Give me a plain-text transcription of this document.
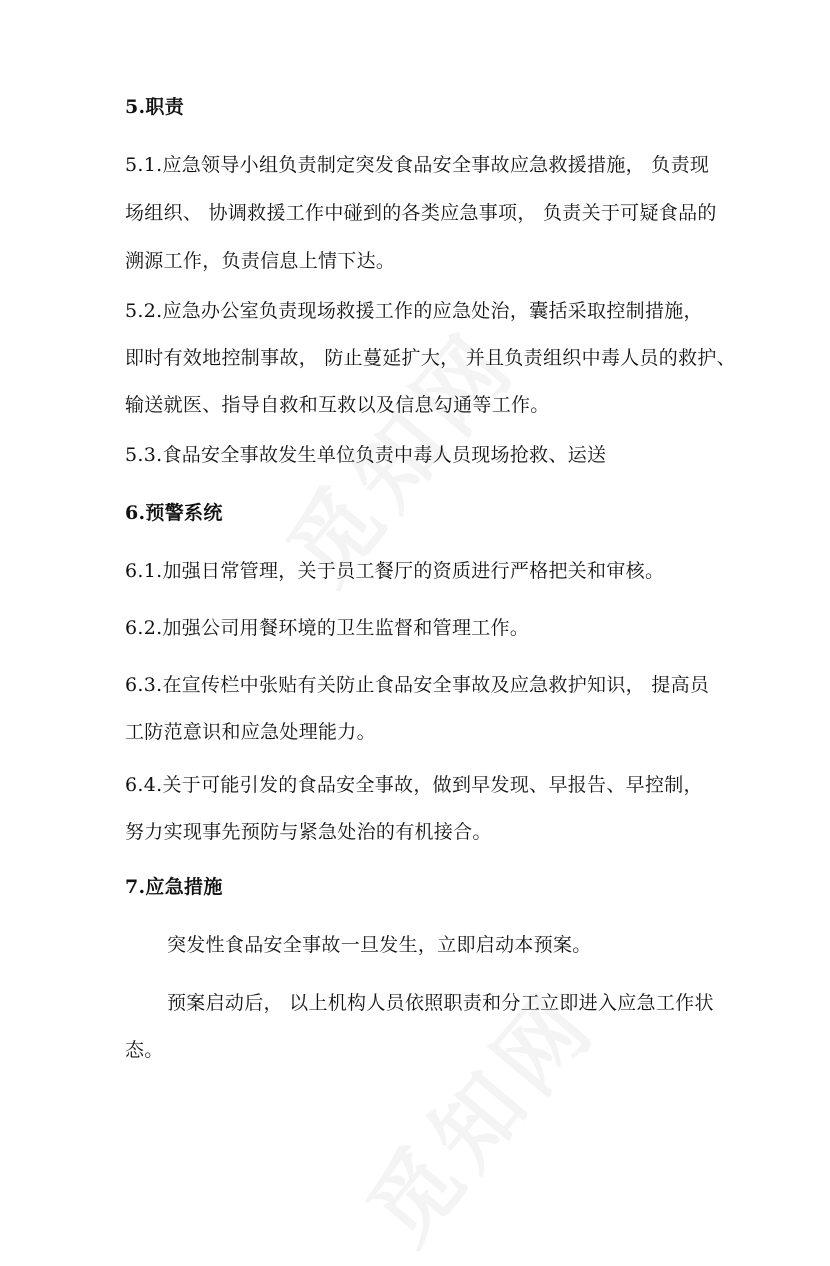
5.职责
5.1.应急领导小组负责制定突发食品安全事故应急救援措施， 负责现
场组织、 协调救援工作中碰到的各类应急事项， 负责关于可疑食品的
溯源工作，负责信息上情下达。
5.2.应急办公室负责现场救援工作的应急处治，囊括采取控制措施，
即时有效地控制事故， 防止蔓延扩大， 并且负责组织中毒人员的救护、
输送就医、指导自救和互救以及信息勾通等工作。
5.3.食品安全事故发生单位负责中毒人员现场抢救、运送
6.预警系统
6.1.加强日常管理，关于员工餐厅的资质进行严格把关和审核。
6.2.加强公司用餐环境的卫生监督和管理工作。
6.3.在宣传栏中张贴有关防止食品安全事故及应急救护知识， 提高员
工防范意识和应急处理能力。
6.4.关于可能引发的食品安全事故，做到早发现、早报告、早控制，
努力实现事先预防与紧急处治的有机接合。
7.应急措施
突发性食品安全事故一旦发生，立即启动本预案。
预案启动后， 以上机构人员依照职责和分工立即进入应急工作状
态。
